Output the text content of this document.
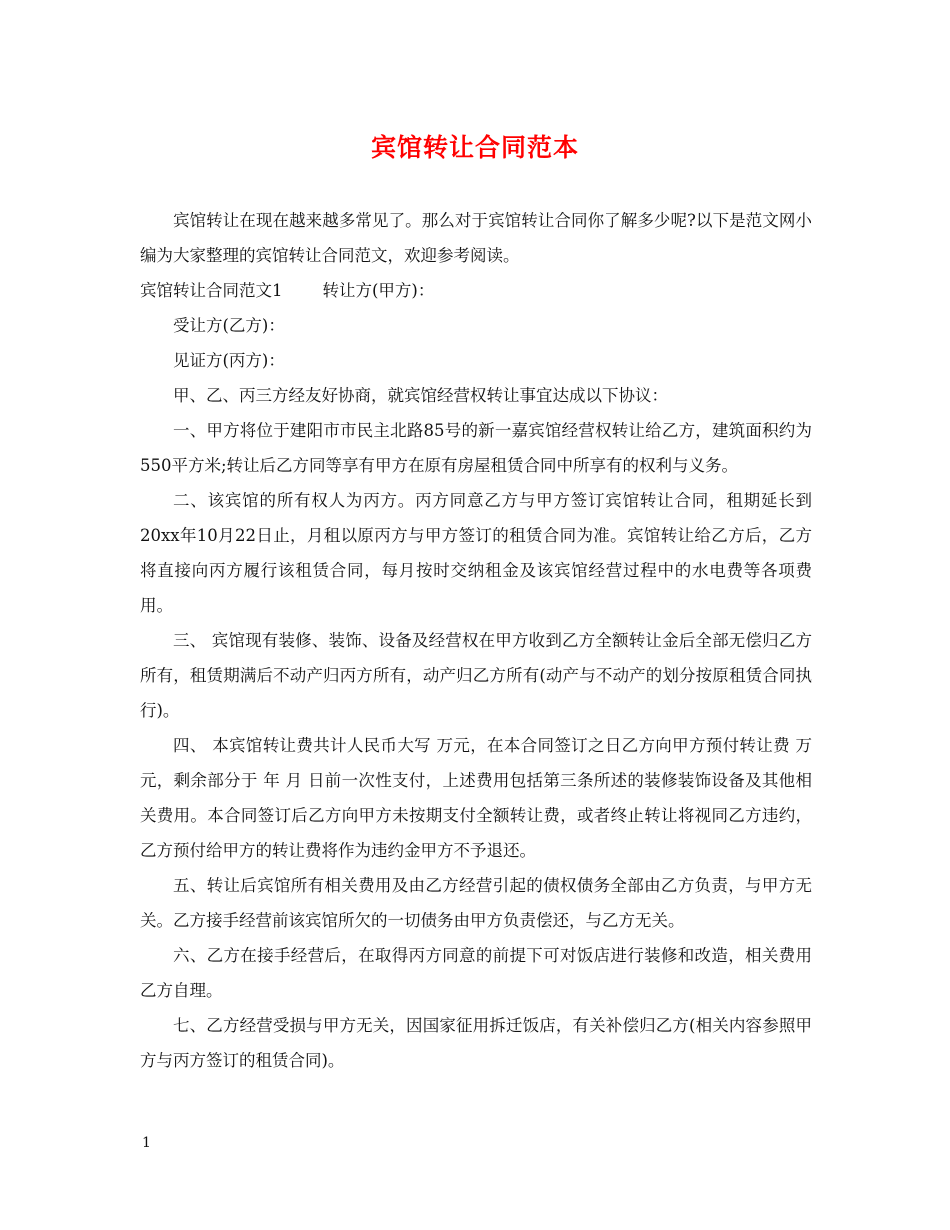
宾馆转让合同范本

宾馆转让在现在越来越多常见了。那么对于宾馆转让合同你了解多少呢?以下是范文网小编为大家整理的宾馆转让合同范文，欢迎参考阅读。

宾馆转让合同范文1 转让方(甲方)：

受让方(乙方)：

见证方(丙方)：

甲、乙、丙三方经友好协商，就宾馆经营权转让事宜达成以下协议：

一、甲方将位于建阳市市民主北路85号的新一嘉宾馆经营权转让给乙方，建筑面积约为550平方米;转让后乙方同等享有甲方在原有房屋租赁合同中所享有的权利与义务。

二、该宾馆的所有权人为丙方。丙方同意乙方与甲方签订宾馆转让合同，租期延长到20xx年10月22日止，月租以原丙方与甲方签订的租赁合同为准。宾馆转让给乙方后，乙方将直接向丙方履行该租赁合同，每月按时交纳租金及该宾馆经营过程中的水电费等各项费用。

三、 宾馆现有装修、装饰、设备及经营权在甲方收到乙方全额转让金后全部无偿归乙方所有，租赁期满后不动产归丙方所有，动产归乙方所有(动产与不动产的划分按原租赁合同执行)。

四、 本宾馆转让费共计人民币大写 万元，在本合同签订之日乙方向甲方预付转让费 万元，剩余部分于 年 月 日前一次性支付，上述费用包括第三条所述的装修装饰设备及其他相关费用。本合同签订后乙方向甲方未按期支付全额转让费，或者终止转让将视同乙方违约，乙方预付给甲方的转让费将作为违约金甲方不予退还。

五、转让后宾馆所有相关费用及由乙方经营引起的债权债务全部由乙方负责，与甲方无关。乙方接手经营前该宾馆所欠的一切债务由甲方负责偿还，与乙方无关。

六、乙方在接手经营后，在取得丙方同意的前提下可对饭店进行装修和改造，相关费用乙方自理。

七、乙方经营受损与甲方无关，因国家征用拆迁饭店，有关补偿归乙方(相关内容参照甲方与丙方签订的租赁合同)。

1
